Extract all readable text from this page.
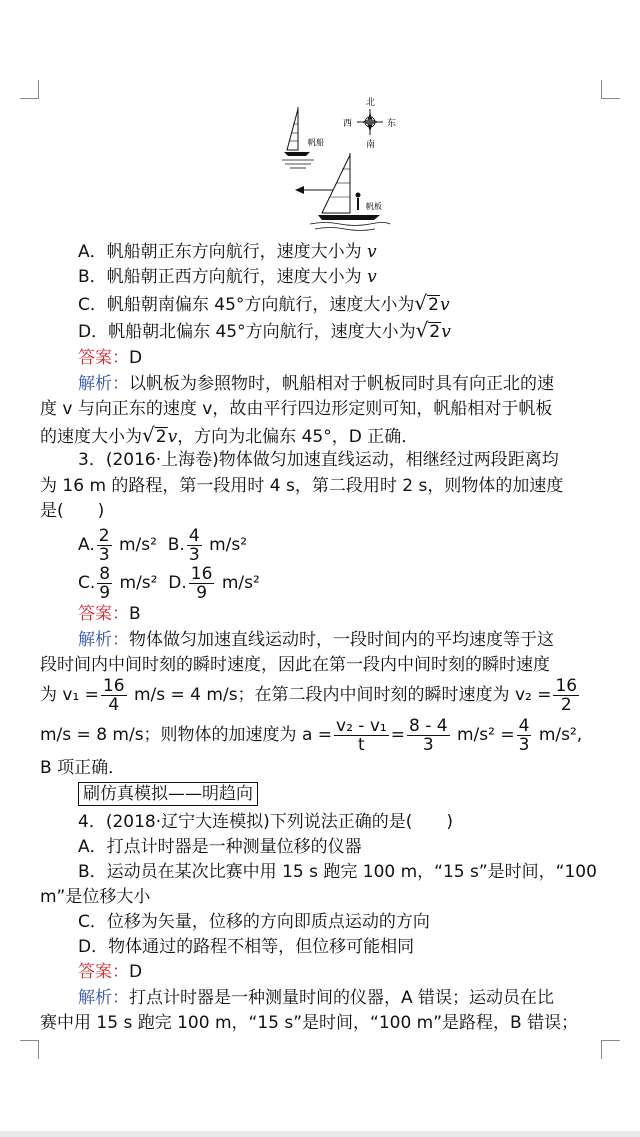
北
南
西	东
帆船
帆板
A．帆船朝正东方向航行，速度大小为 v
B．帆船朝正西方向航行，速度大小为 v
C．帆船朝南偏东 45°方向航行，速度大小为√2v
D．帆船朝北偏东 45°方向航行，速度大小为√2v
答案：D
解析：以帆板为参照物时，帆船相对于帆板同时具有向正北的速
度 v 与向正东的速度 v，故由平行四边形定则可知，帆船相对于帆板
的速度大小为√2v，方向为北偏东 45°，D 正确．
3．(2016·上海卷)物体做匀加速直线运动，相继经过两段距离均
为 16 m 的路程，第一段用时 4 s，第二段用时 2 s，则物体的加速度
是(　　)
A. $\frac{2}{3} m/s^2$ B. $\frac{4}{3} m/s^2$
C. $\frac{8}{9} m/s^2$ D. $\frac{16}{9} m/s^2$
答案：B
解析：物体做匀加速直线运动时，一段时间内的平均速度等于这
段时间内中间时刻的瞬时速度，因此在第一段内中间时刻的瞬时速度
为 $v_1 = \frac{16}{4} m/s = 4$ m/s；在第二段内中间时刻的瞬时速度为 $v_2 = \frac{16}{2}$
m/s = 8 m/s；则物体的加速度为 $a = \frac{\text{v₂ - v₁}}{t} = \frac{8 - 4}{3} m/s^2 = \frac{4}{3} m/s^2$,
B 项正确．
刷仿真模拟——明趋向
4．(2018·辽宁大连模拟)下列说法正确的是(　　)
A．打点计时器是一种测量位移的仪器
B．运动员在某次比赛中用 15 s 跑完 100 m，“15 s”是时间，“100
m”是位移大小
C．位移为矢量，位移的方向即质点运动的方向
D．物体通过的路程不相等，但位移可能相同
答案：D
解析：打点计时器是一种测量时间的仪器，A 错误；运动员在比
赛中用 15 s 跑完 100 m，“15 s”是时间，“100 m”是路程，B 错误；
